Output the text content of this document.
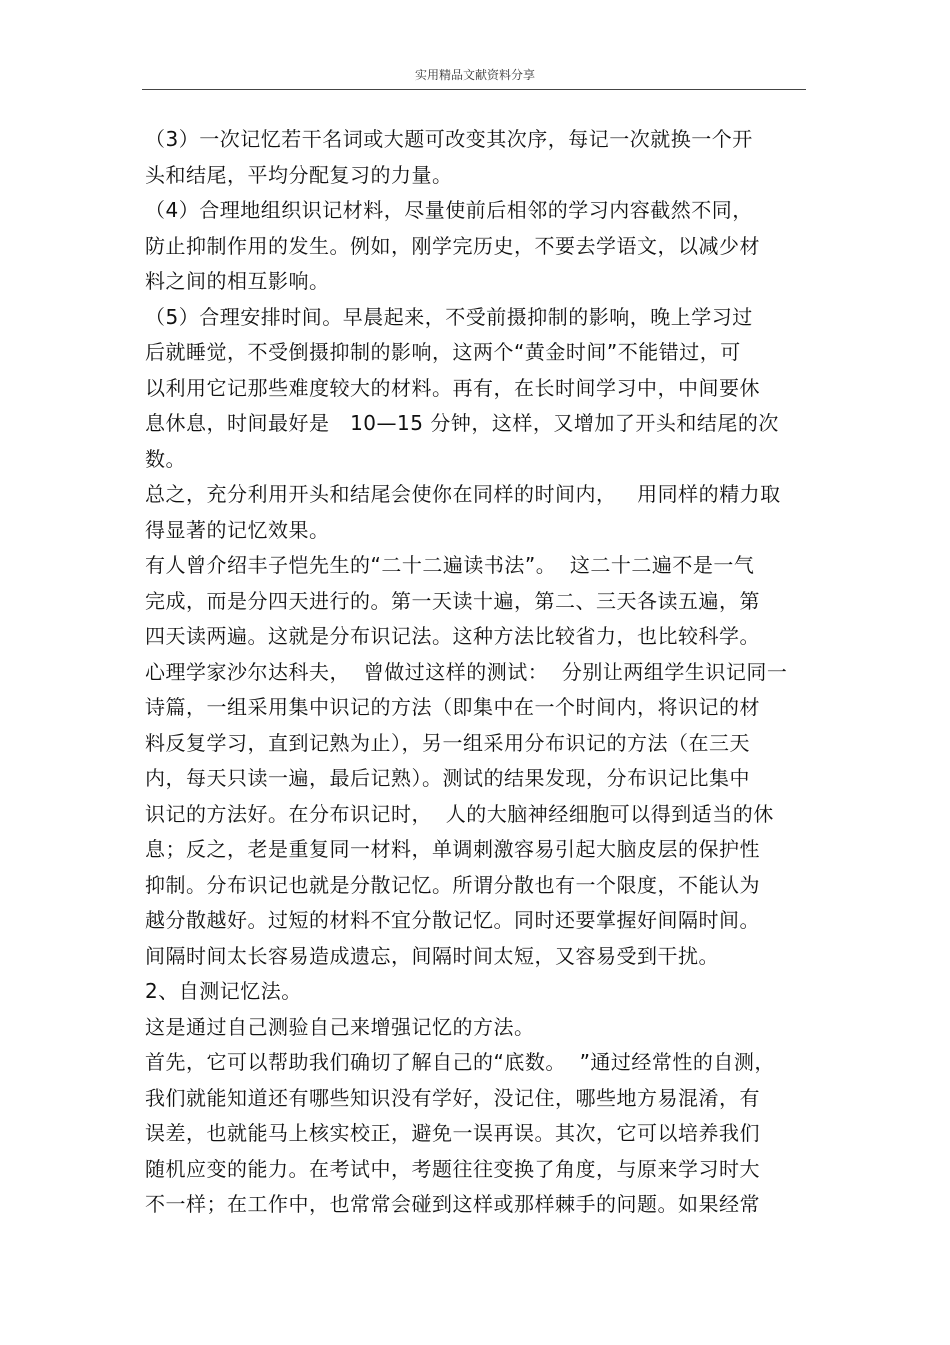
实用精品文献资料分享
（3）一次记忆若干名词或大题可改变其次序，每记一次就换一个开
头和结尾，平均分配复习的力量。
（4）合理地组织识记材料，尽量使前后相邻的学习内容截然不同，
防止抑制作用的发生。例如，刚学完历史，不要去学语文，以减少材
料之间的相互影响。
（5）合理安排时间。早晨起来，不受前摄抑制的影响，晚上学习过
后就睡觉，不受倒摄抑制的影响，这两个“黄金时间”不能错过，可
以利用它记那些难度较大的材料。再有，在长时间学习中，中间要休
息休息，时间最好是   10—15 分钟，这样，又增加了开头和结尾的次
数。
总之，充分利用开头和结尾会使你在同样的时间内，   用同样的精力取
得显著的记忆效果。
有人曾介绍丰子恺先生的“二十二遍读书法”。  这二十二遍不是一气
完成，而是分四天进行的。第一天读十遍，第二、三天各读五遍，第
四天读两遍。这就是分布识记法。这种方法比较省力，也比较科学。
心理学家沙尔达科夫，  曾做过这样的测试：  分别让两组学生识记同一
诗篇，一组采用集中识记的方法（即集中在一个时间内，将识记的材
料反复学习，直到记熟为止），另一组采用分布识记的方法（在三天
内，每天只读一遍，最后记熟）。测试的结果发现，分布识记比集中
识记的方法好。在分布识记时，  人的大脑神经细胞可以得到适当的休
息；反之，老是重复同一材料，单调刺激容易引起大脑皮层的保护性
抑制。分布识记也就是分散记忆。所谓分散也有一个限度，不能认为
越分散越好。过短的材料不宜分散记忆。同时还要掌握好间隔时间。
间隔时间太长容易造成遗忘，间隔时间太短，又容易受到干扰。
2、自测记忆法。
这是通过自己测验自己来增强记忆的方法。
首先，它可以帮助我们确切了解自己的“底数。  ”通过经常性的自测，
我们就能知道还有哪些知识没有学好，没记住，哪些地方易混淆，有
误差，也就能马上核实校正，避免一误再误。其次，它可以培养我们
随机应变的能力。在考试中，考题往往变换了角度，与原来学习时大
不一样；在工作中，也常常会碰到这样或那样棘手的问题。如果经常
